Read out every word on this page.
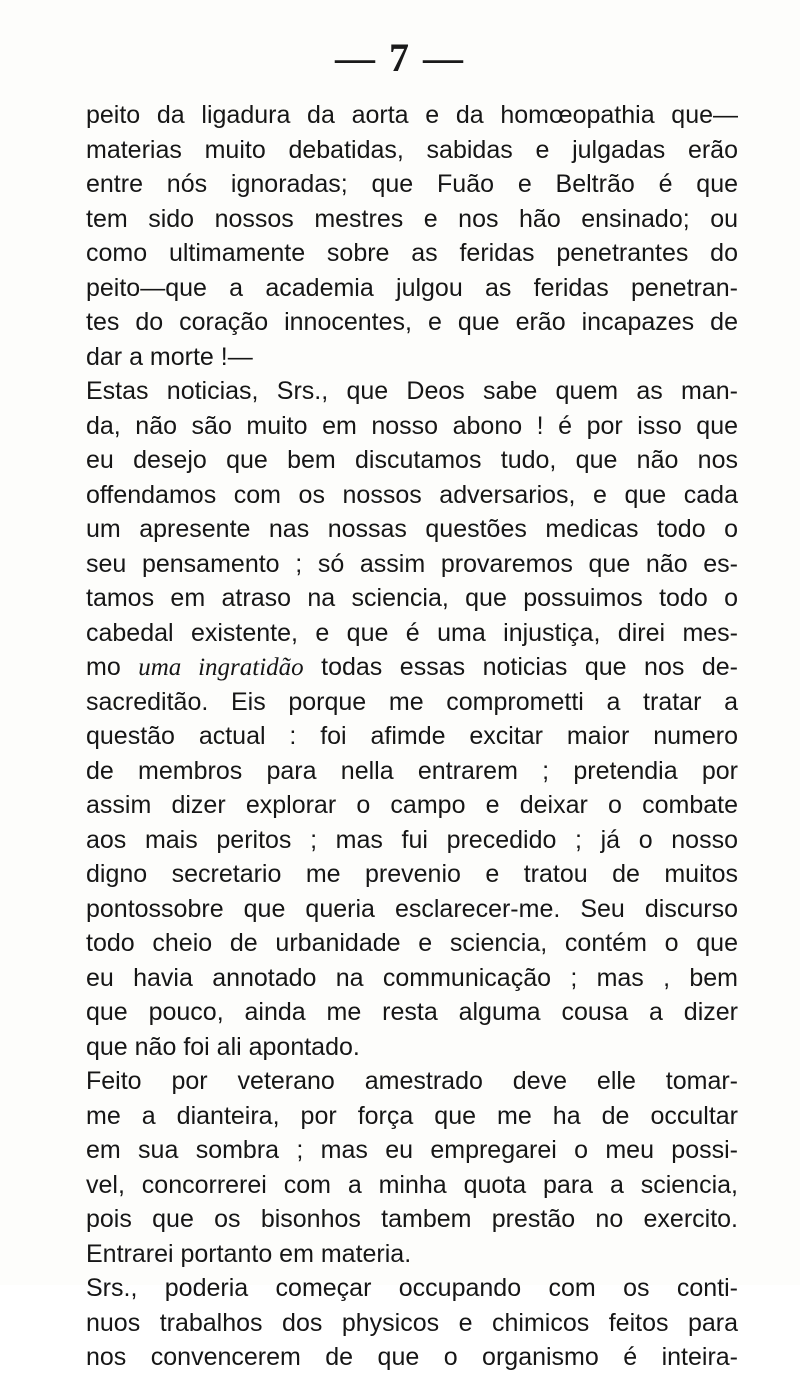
— 7 —
peito da ligadura da aorta e da homœopathia que—
materias muito debatidas, sabidas e julgadas erão
entre nós ignoradas; que Fuão e Beltrão é que
tem sido nossos mestres e nos hão ensinado; ou
como ultimamente sobre as feridas penetrantes do
peito—que a academia julgou as feridas penetran-
tes do coração innocentes, e que erão incapazes de
dar a morte !—
Estas noticias, Srs., que Deos sabe quem as man-
da, não são muito em nosso abono ! é por isso que
eu desejo que bem discutamos tudo, que não nos
offendamos com os nossos adversarios, e que cada
um apresente nas nossas questões medicas todo o
seu pensamento ; só assim provaremos que não es-
tamos em atraso na sciencia, que possuimos todo o
cabedal existente, e que é uma injustiça, direi mes-
mo uma ingratidão todas essas noticias que nos de-
sacreditão. Eis porque me comprometti a tratar a
questão actual : foi afimde excitar maior numero
de membros para nella entrarem ; pretendia por
assim dizer explorar o campo e deixar o combate
aos mais peritos ; mas fui precedido ; já o nosso
digno secretario me prevenio e tratou de muitos
pontossobre que queria esclarecer-me. Seu discurso
todo cheio de urbanidade e sciencia, contém o que
eu havia annotado na communicação ; mas , bem
que pouco, ainda me resta alguma cousa a dizer
que não foi ali apontado.
Feito por veterano amestrado deve elle tomar-
me a dianteira, por força que me ha de occultar
em sua sombra ; mas eu empregarei o meu possi-
vel, concorrerei com a minha quota para a sciencia,
pois que os bisonhos tambem prestão no exercito.
Entrarei portanto em materia.
Srs., poderia começar occupando com os conti-
nuos trabalhos dos physicos e chimicos feitos para
nos convencerem de que o organismo é inteira-
